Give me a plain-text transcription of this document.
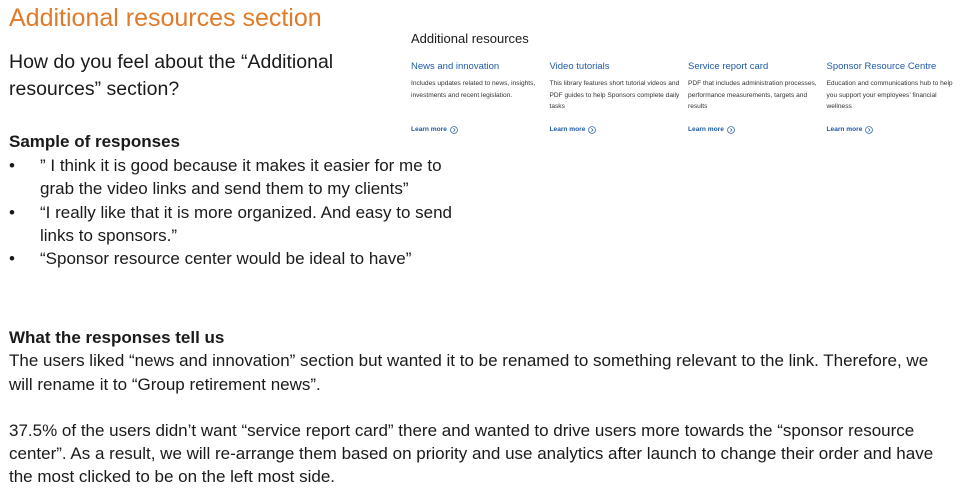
Additional resources section

How do you feel about the “Additional resources” section?

Sample of responses
• ” I think it is good because it makes it easier for me to grab the video links and send them to my clients”
• “I really like that it is more organized. And easy to send links to sponsors.”
• “Sponsor resource center would be ideal to have”
What the responses tell us

The users liked “news and innovation” section but wanted it to be renamed to something relevant to the link. Therefore, we will rename it to “Group retirement news”.

37.5% of the users didn’t want “service report card” there and wanted to drive users more towards the “sponsor resource center”. As a result, we will re-arrange them based on priority and use analytics after launch to change their order and have the most clicked to be on the left most side.

Additional resources

News and innovation

Includes updates related to news, insights, investments and recent legislation.

Learn more

Video tutorials

This library features short tutorial videos and PDF guides to help Sponsors complete daily tasks

Learn more

Service report card

PDF that includes administration processes, performance measurements, targets and results

Learn more

Sponsor Resource Centre

Education and communications hub to help you support your employees’ financial wellness

Learn more
